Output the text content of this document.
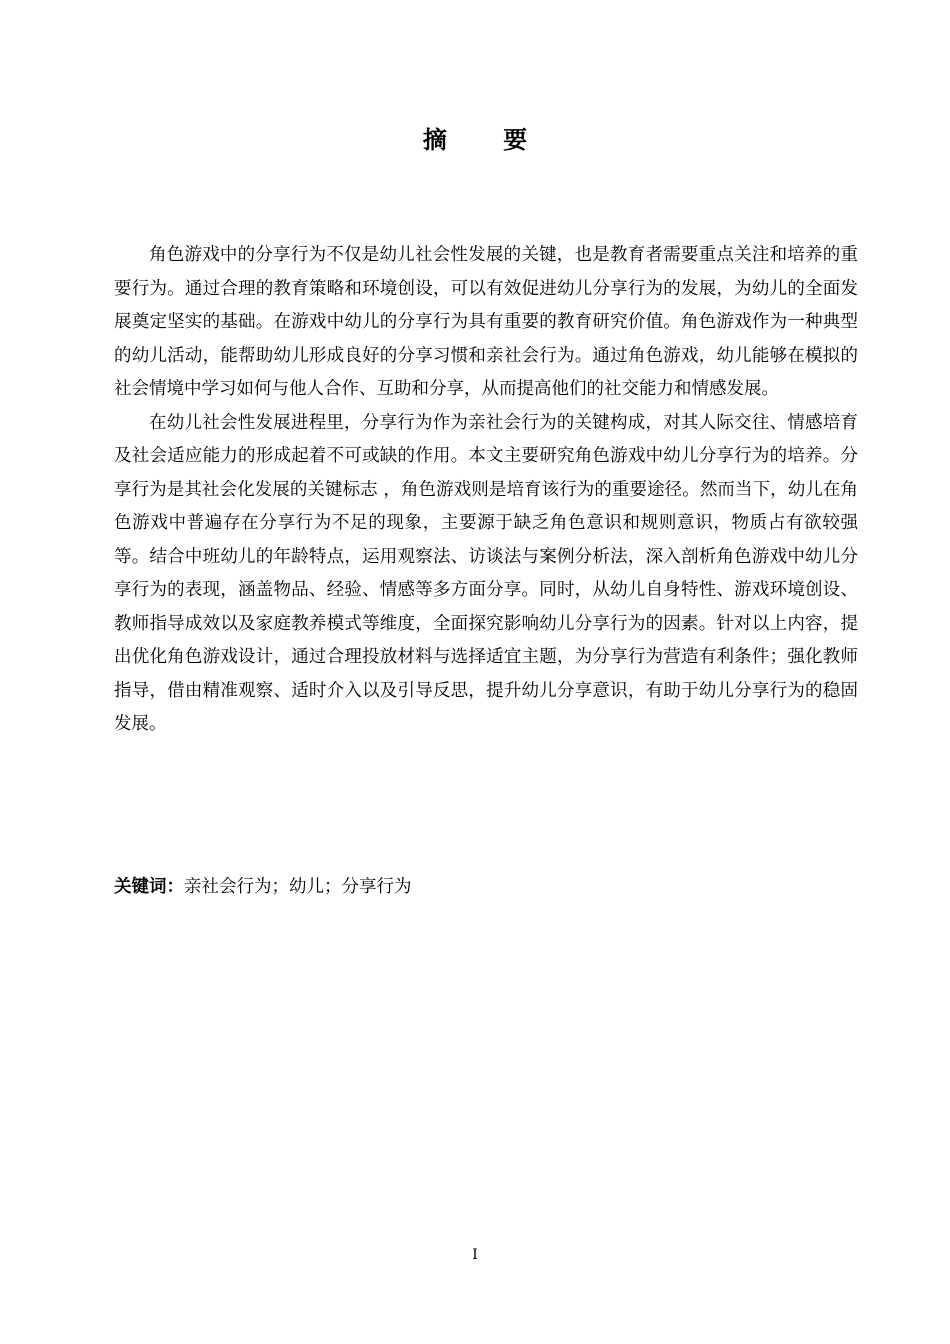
摘 要

角色游戏中的分享行为不仅是幼儿社会性发展的关键，也是教育者需要重点关注和培养的重要行为。通过合理的教育策略和环境创设，可以有效促进幼儿分享行为的发展，为幼儿的全面发展奠定坚实的基础。在游戏中幼儿的分享行为具有重要的教育研究价值。角色游戏作为一种典型的幼儿活动，能帮助幼儿形成良好的分享习惯和亲社会行为。通过角色游戏，幼儿能够在模拟的社会情境中学习如何与他人合作、互助和分享，从而提高他们的社交能力和情感发展。

在幼儿社会性发展进程里，分享行为作为亲社会行为的关键构成，对其人际交往、情感培育及社会适应能力的形成起着不可或缺的作用。本文主要研究角色游戏中幼儿分享行为的培养。分享行为是其社会化发展的关键标志 ，角色游戏则是培育该行为的重要途径。然而当下，幼儿在角色游戏中普遍存在分享行为不足的现象，主要源于缺乏角色意识和规则意识，物质占有欲较强等。结合中班幼儿的年龄特点，运用观察法、访谈法与案例分析法，深入剖析角色游戏中幼儿分享行为的表现，涵盖物品、经验、情感等多方面分享。同时，从幼儿自身特性、游戏环境创设、教师指导成效以及家庭教养模式等维度，全面探究影响幼儿分享行为的因素。针对以上内容，提出优化角色游戏设计，通过合理投放材料与选择适宜主题，为分享行为营造有利条件；强化教师指导，借由精准观察、适时介入以及引导反思，提升幼儿分享意识，有助于幼儿分享行为的稳固发展。

关键词：亲社会行为；幼儿；分享行为
I
